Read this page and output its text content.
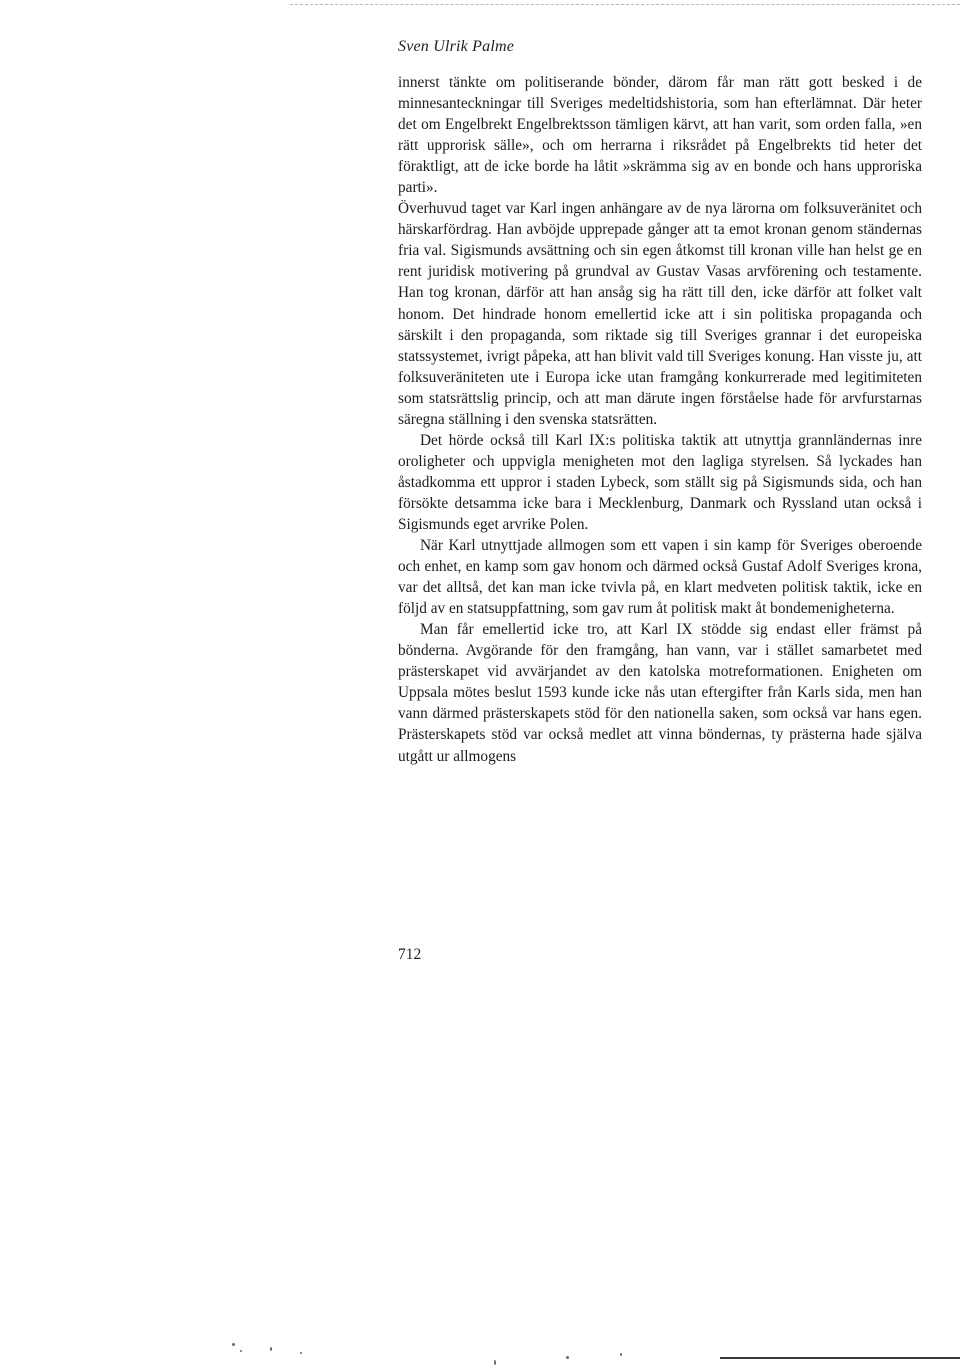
Sven Ulrik Palme

innerst tänkte om politiserande bönder, därom får man rätt gott besked i de minnesanteckningar till Sveriges medeltidshistoria, som han efterlämnat. Där heter det om Engelbrekt Engelbrektsson tämligen kärvt, att han varit, som orden falla, »en rätt upprorisk sälle», och om herrarna i riksrådet på Engelbrekts tid heter det föraktligt, att de icke borde ha låtit »skrämma sig av en bonde och hans upproriska parti».

Överhuvud taget var Karl ingen anhängare av de nya lärorna om folksuveränitet och härskarfördrag. Han avböjde upprepade gånger att ta emot kronan genom ständernas fria val. Sigismunds avsättning och sin egen åtkomst till kronan ville han helst ge en rent juridisk motivering på grundval av Gustav Vasas arvförening och testamente. Han tog kronan, därför att han ansåg sig ha rätt till den, icke därför att folket valt honom. Det hindrade honom emellertid icke att i sin politiska propaganda och särskilt i den propaganda, som riktade sig till Sveriges grannar i det europeiska statssystemet, ivrigt påpeka, att han blivit vald till Sveriges konung. Han visste ju, att folksuveräniteten ute i Europa icke utan framgång konkurrerade med legitimiteten som statsrättslig princip, och att man därute ingen förståelse hade för arvfurstarnas säregna ställning i den svenska statsrätten.

Det hörde också till Karl IX:s politiska taktik att utnyttja grannländernas inre oroligheter och uppvigla menigheten mot den lagliga styrelsen. Så lyckades han åstadkomma ett uppror i staden Lybeck, som ställt sig på Sigismunds sida, och han försökte detsamma icke bara i Mecklenburg, Danmark och Ryssland utan också i Sigismunds eget arvrike Polen.

När Karl utnyttjade allmogen som ett vapen i sin kamp för Sveriges oberoende och enhet, en kamp som gav honom och därmed också Gustaf Adolf Sveriges krona, var det alltså, det kan man icke tvivla på, en klart medveten politisk taktik, icke en följd av en statsuppfattning, som gav rum åt politisk makt åt bondemenigheterna.

Man får emellertid icke tro, att Karl IX stödde sig endast eller främst på bönderna. Avgörande för den framgång, han vann, var i stället samarbetet med prästerskapet vid avvärjandet av den katolska motreformationen. Enigheten om Uppsala mötes beslut 1593 kunde icke nås utan eftergifter från Karls sida, men han vann därmed prästerskapets stöd för den nationella saken, som också var hans egen. Prästerskapets stöd var också medlet att vinna böndernas, ty prästerna hade själva utgått ur allmogens

712
